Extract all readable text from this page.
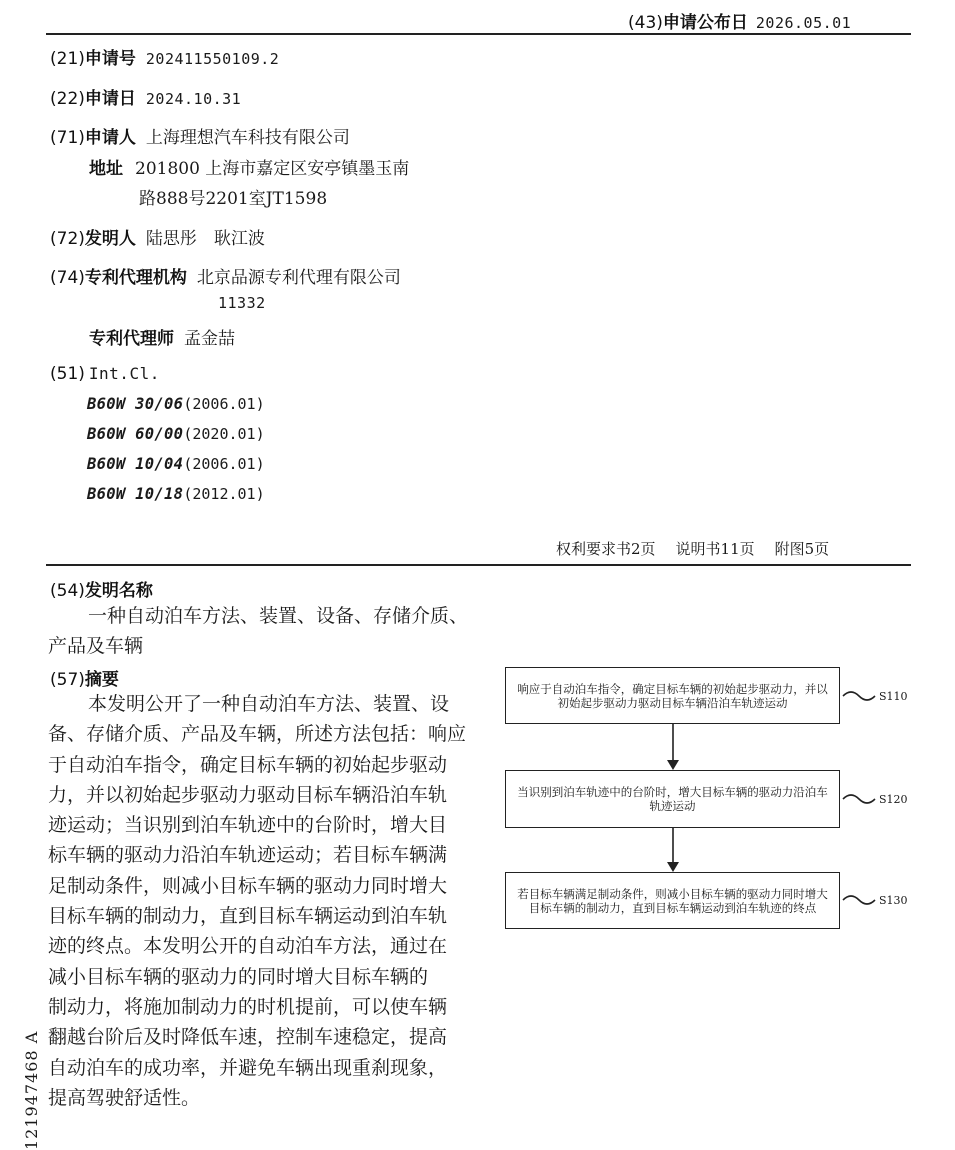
(43) 申请公布日 2026.05.01
(21) 申请号 202411550109.2
(22) 申请日 2024.10.31
(71) 申请人 上海理想汽车科技有限公司
地址 201800 上海市嘉定区安亭镇墨玉南
路888号2201室JT1598
(72) 发明人 陆思彤　耿江波
(74) 专利代理机构 北京品源专利代理有限公司
11332
专利代理师 孟金喆
(51) Int.Cl.
B60W 30/06 (2006.01)
B60W 60/00 (2020.01)
B60W 10/04 (2006.01)
B60W 10/18 (2012.01)
权利要求书2页 说明书11页 附图5页
(54) 发明名称
一种自动泊车方法、装置、设备、存储介质、
产品及车辆
(57) 摘要
本发明公开了一种自动泊车方法、装置、设
备、存储介质、产品及车辆，所述方法包括：响应
于自动泊车指令，确定目标车辆的初始起步驱动
力，并以初始起步驱动力驱动目标车辆沿泊车轨
迹运动；当识别到泊车轨迹中的台阶时，增大目
标车辆的驱动力沿泊车轨迹运动；若目标车辆满
足制动条件，则减小目标车辆的驱动力同时增大
目标车辆的制动力，直到目标车辆运动到泊车轨
迹的终点。本发明公开的自动泊车方法，通过在
减小目标车辆的驱动力的同时增大目标车辆的
制动力，将施加制动力的时机提前，可以使车辆
翻越台阶后及时降低车速，控制车速稳定，提高
自动泊车的成功率，并避免车辆出现重刹现象，
提高驾驶舒适性。
响应于自动泊车指令，确定目标车辆的初始起步驱动力，并以初始起步驱动力驱动目标车辆沿泊车轨迹运动
当识别到泊车轨迹中的台阶时，增大目标车辆的驱动力沿泊车轨迹运动
若目标车辆满足制动条件，则减小目标车辆的驱动力同时增大目标车辆的制动力，直到目标车辆运动到泊车轨迹的终点
S110
S120
S130
121947468 A
